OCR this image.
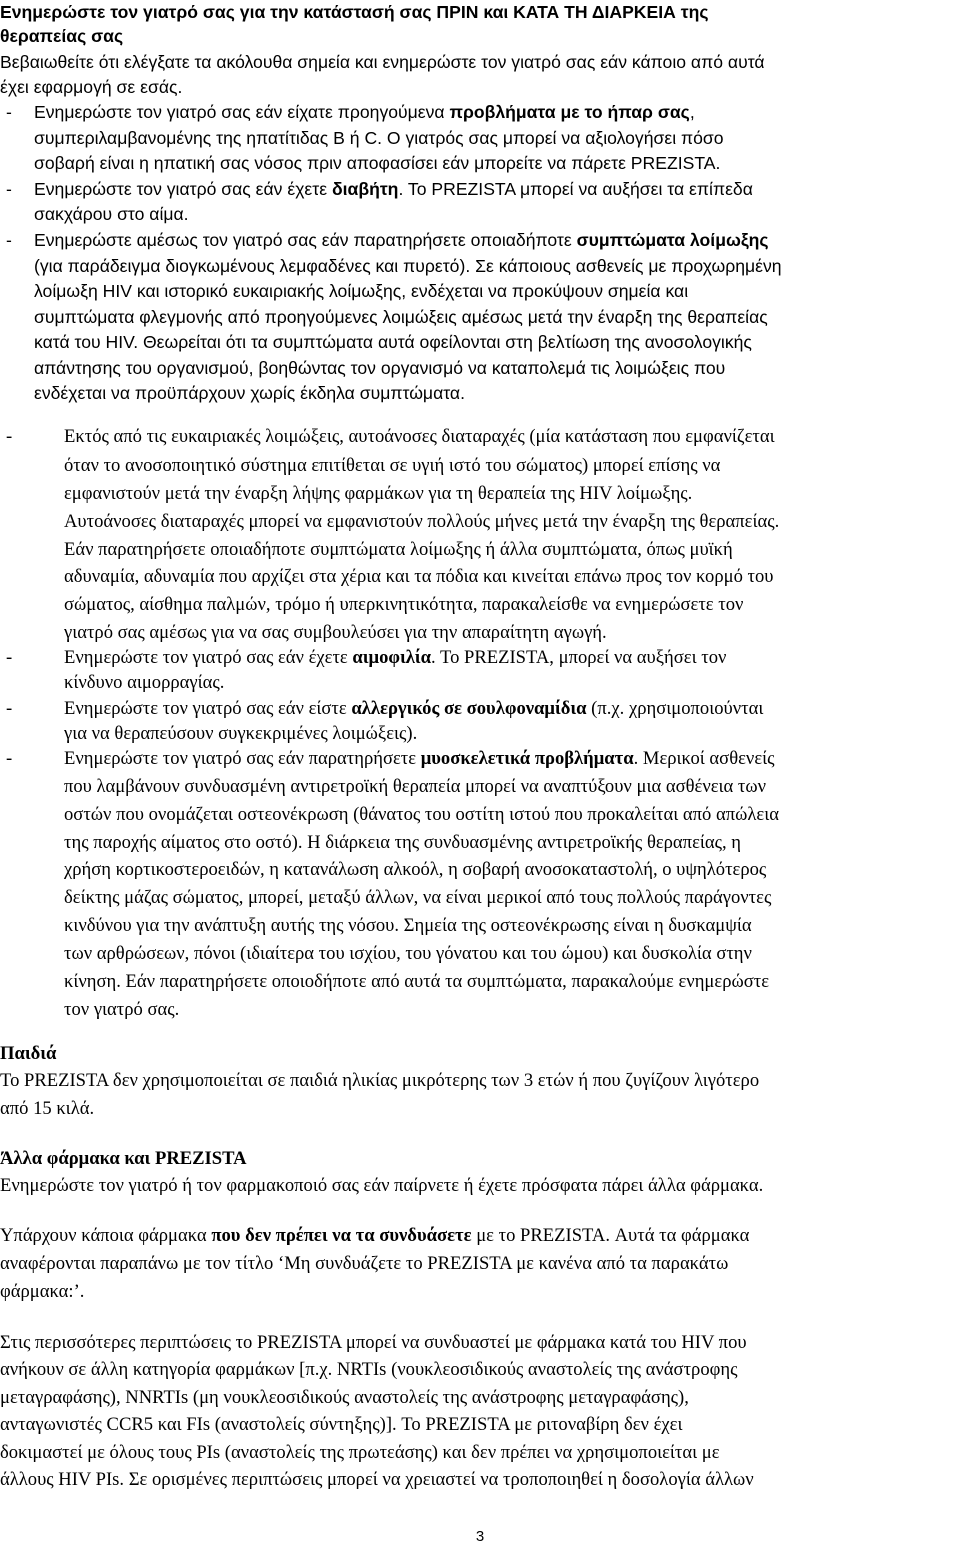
Ενημερώστε τον γιατρό σας για την κατάστασή σας ΠΡΙΝ και ΚΑΤΑ ΤΗ ΔΙΑΡΚΕΙΑ της
θεραπείας σας
Βεβαιωθείτε ότι ελέγξατε τα ακόλουθα σημεία και ενημερώστε τον γιατρό σας εάν κάποιο από αυτά
έχει εφαρμογή σε εσάς.
- Ενημερώστε τον γιατρό σας εάν είχατε προηγούμενα προβλήματα με το ήπαρ σας,
συμπεριλαμβανομένης της ηπατίτιδας Β ή C. Ο γιατρός σας μπορεί να αξιολογήσει πόσο
σοβαρή είναι η ηπατική σας νόσος πριν αποφασίσει εάν μπορείτε να πάρετε PREZISTA.
- Ενημερώστε τον γιατρό σας εάν έχετε διαβήτη. Το PREZISTA μπορεί να αυξήσει τα επίπεδα
σακχάρου στο αίμα.
- Ενημερώστε αμέσως τον γιατρό σας εάν παρατηρήσετε οποιαδήποτε συμπτώματα λοίμωξης
(για παράδειγμα διογκωμένους λεμφαδένες και πυρετό). Σε κάποιους ασθενείς με προχωρημένη
λοίμωξη HIV και ιστορικό ευκαιριακής λοίμωξης, ενδέχεται να προκύψουν σημεία και
συμπτώματα φλεγμονής από προηγούμενες λοιμώξεις αμέσως μετά την έναρξη της θεραπείας
κατά του HIV. Θεωρείται ότι τα συμπτώματα αυτά οφείλονται στη βελτίωση της ανοσολογικής
απάντησης του οργανισμού, βοηθώντας τον οργανισμό να καταπολεμά τις λοιμώξεις που
ενδέχεται να προϋπάρχουν χωρίς έκδηλα συμπτώματα.
-	Εκτός από τις ευκαιριακές λοιμώξεις, αυτοάνοσες διαταραχές (μία κατάσταση που εμφανίζεται
όταν το ανοσοποιητικό σύστημα επιτίθεται σε υγιή ιστό του σώματος) μπορεί επίσης να
εμφανιστούν μετά την έναρξη λήψης φαρμάκων για τη θεραπεία της HIV λοίμωξης.
Αυτοάνοσες διαταραχές μπορεί να εμφανιστούν πολλούς μήνες μετά την έναρξη της θεραπείας.
Εάν παρατηρήσετε οποιαδήποτε συμπτώματα λοίμωξης ή άλλα συμπτώματα, όπως μυϊκή
αδυναμία, αδυναμία που αρχίζει στα χέρια και τα πόδια και κινείται επάνω προς τον κορμό του
σώματος, αίσθημα παλμών, τρόμο ή υπερκινητικότητα, παρακαλείσθε να ενημερώσετε τον
γιατρό σας αμέσως για να σας συμβουλεύσει για την απαραίτητη αγωγή.
-	Ενημερώστε τον γιατρό σας εάν έχετε αιμοφιλία. Το PREZISTA, μπορεί να αυξήσει τον
κίνδυνο αιμορραγίας.
-	Ενημερώστε τον γιατρό σας εάν είστε αλλεργικός σε σουλφοναμίδια (π.χ. χρησιμοποιούνται
για να θεραπεύσουν συγκεκριμένες λοιμώξεις).
-	Ενημερώστε τον γιατρό σας εάν παρατηρήσετε μυοσκελετικά προβλήματα. Μερικοί ασθενείς
που λαμβάνουν συνδυασμένη αντιρετροϊκή θεραπεία μπορεί να αναπτύξουν μια ασθένεια των
οστών που ονομάζεται οστεονέκρωση (θάνατος του οστίτη ιστού που προκαλείται από απώλεια
της παροχής αίματος στο οστό). Η διάρκεια της συνδυασμένης αντιρετροϊκής θεραπείας, η
χρήση κορτικοστεροειδών, η κατανάλωση αλκοόλ, η σοβαρή ανοσοκαταστολή, ο υψηλότερος
δείκτης μάζας σώματος, μπορεί, μεταξύ άλλων, να είναι μερικοί από τους πολλούς παράγοντες
κινδύνου για την ανάπτυξη αυτής της νόσου. Σημεία της οστεονέκρωσης είναι η δυσκαμψία
των αρθρώσεων, πόνοι (ιδιαίτερα του ισχίου, του γόνατου και του ώμου) και δυσκολία στην
κίνηση. Εάν παρατηρήσετε οποιοδήποτε από αυτά τα συμπτώματα, παρακαλούμε ενημερώστε
τον γιατρό σας.
Παιδιά
Το PREZISTA δεν χρησιμοποιείται σε παιδιά ηλικίας μικρότερης των 3 ετών ή που ζυγίζουν λιγότερο
από 15 κιλά.
Άλλα φάρμακα και PREZISTA
Ενημερώστε τον γιατρό ή τον φαρμακοποιό σας εάν παίρνετε ή έχετε πρόσφατα πάρει άλλα φάρμακα.
Υπάρχουν κάποια φάρμακα που δεν πρέπει να τα συνδυάσετε με το PREZISTA. Αυτά τα φάρμακα
αναφέρονται παραπάνω με τον τίτλο ‘Μη συνδυάζετε το PREZISTA με κανένα από τα παρακάτω
φάρμακα:’.
Στις περισσότερες περιπτώσεις το PREZISTA μπορεί να συνδυαστεί με φάρμακα κατά του HIV που
ανήκουν σε άλλη κατηγορία φαρμάκων [π.χ. NRTIs (νουκλεοσιδικούς αναστολείς της ανάστροφης
μεταγραφάσης), NNRTIs (μη νουκλεοσιδικούς αναστολείς της ανάστροφης μεταγραφάσης),
ανταγωνιστές CCR5 και FIs (αναστολείς σύντηξης)]. Το PREZISTA με ριτοναβίρη δεν έχει
δοκιμαστεί με όλους τους PIs (αναστολείς της πρωτεάσης) και δεν πρέπει να χρησιμοποιείται με
άλλους HIV PIs. Σε ορισμένες περιπτώσεις μπορεί να χρειαστεί να τροποποιηθεί η δοσολογία άλλων
3
